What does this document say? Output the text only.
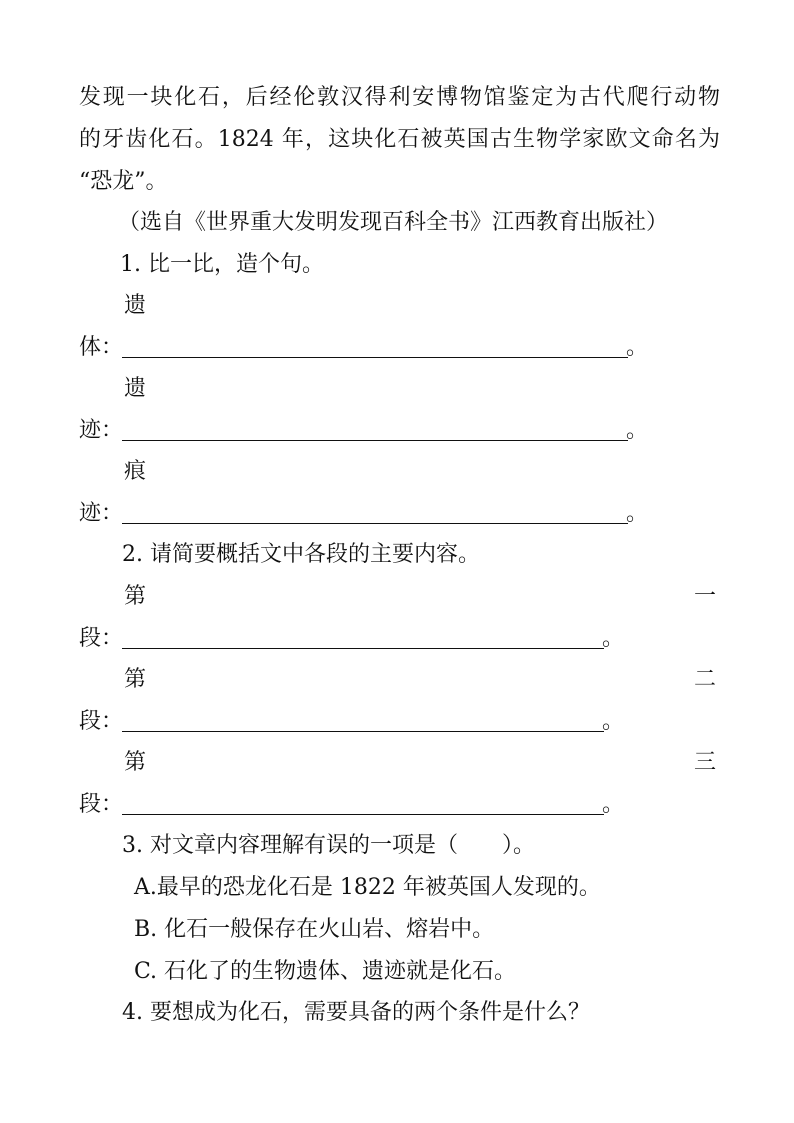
发现一块化石，后经伦敦汉得利安博物馆鉴定为古代爬行动物
的牙齿化石。1824 年，这块化石被英国古生物学家欧文命名为
“恐龙”。
（选自《世界重大发明发现百科全书》江西教育出版社）
1. 比一比，造个句。
遗
体：	。
遗
迹：	。
痕
迹：	。
2. 请简要概括文中各段的主要内容。
第	一
段：	。
第	二
段：	。
第	三
段：	。
3. 对文章内容理解有误的一项是（　　）。
A.最早的恐龙化石是 1822 年被英国人发现的。
B. 化石一般保存在火山岩、熔岩中。
C. 石化了的生物遗体、遗迹就是化石。
4. 要想成为化石，需要具备的两个条件是什么？
